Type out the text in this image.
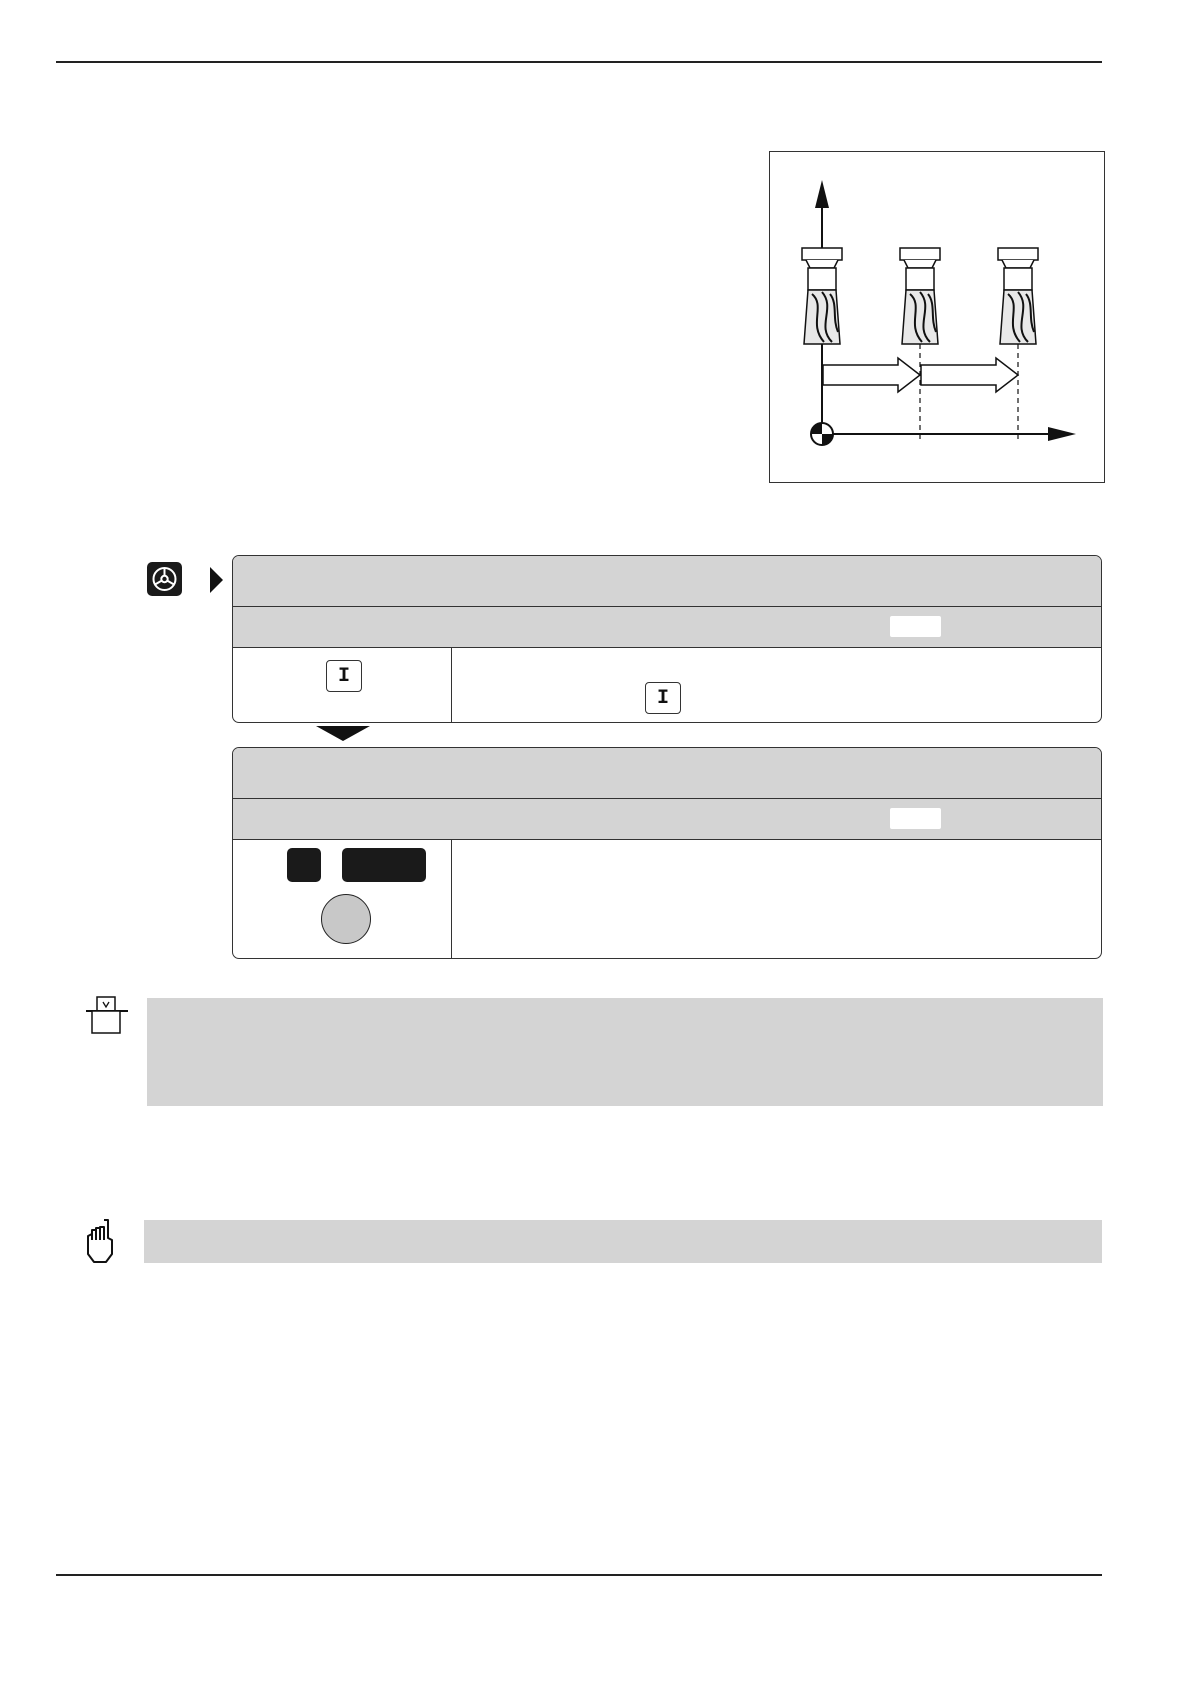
I
I
